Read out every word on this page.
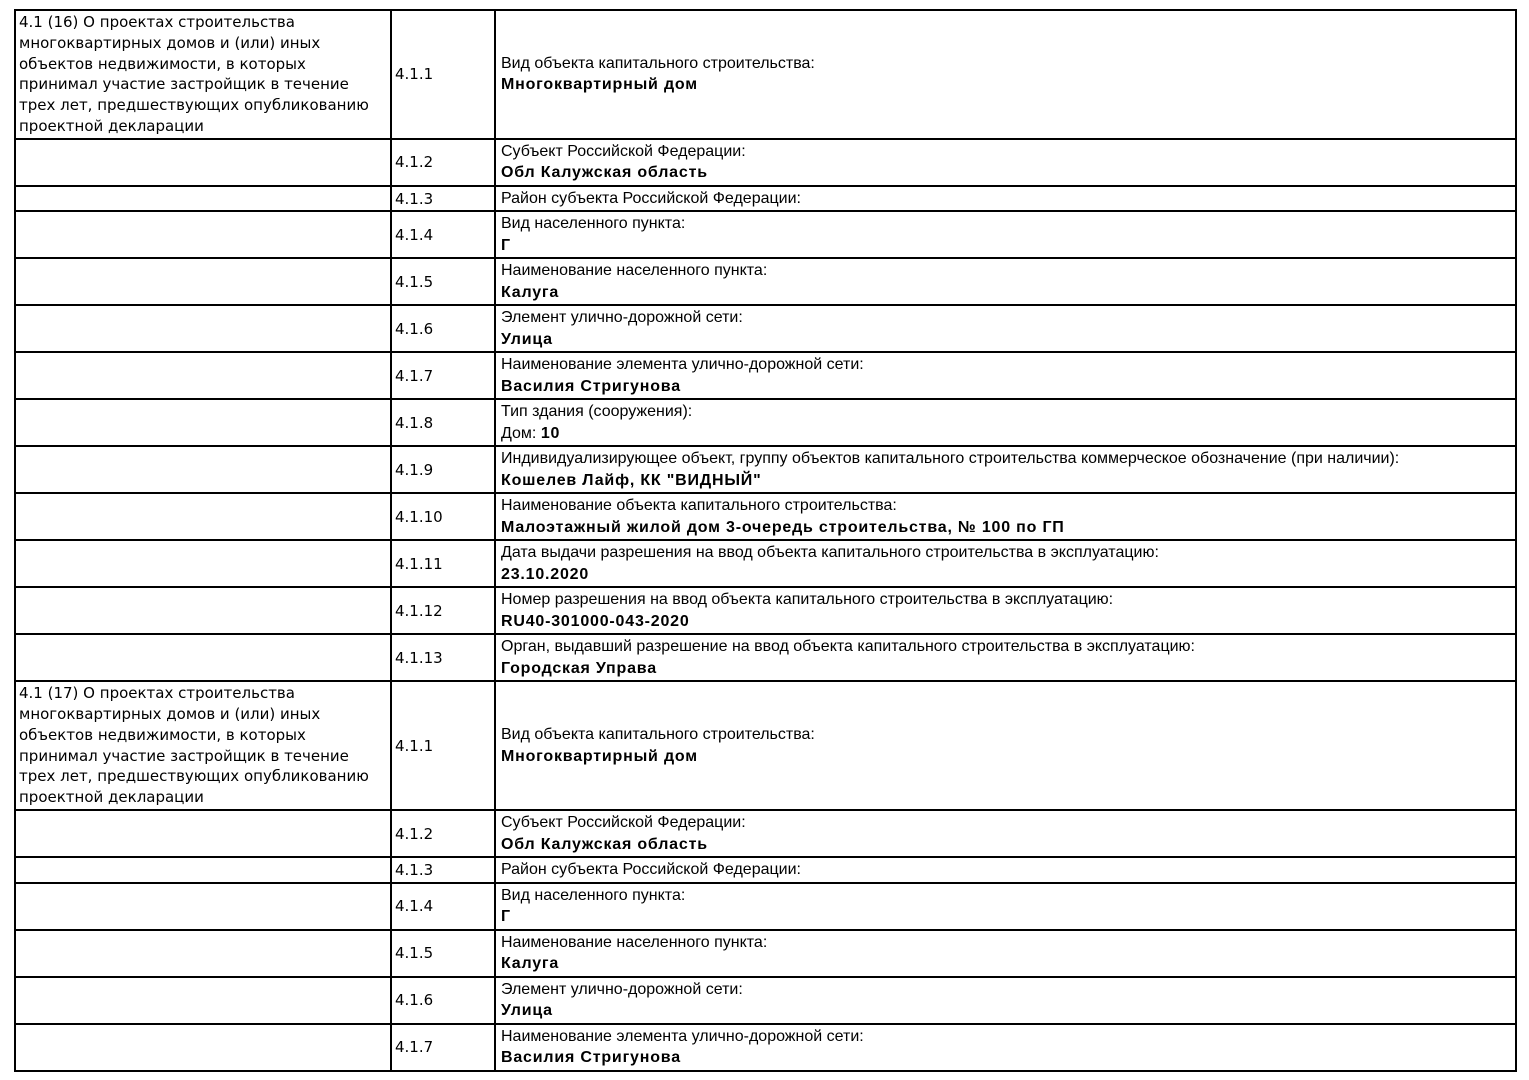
4.1 (16) О проектах строительства многоквартирных домов и (или) иных объектов недвижимости, в которых принимал участие застройщик в течение трех лет, предшествующих опубликованию проектной декларации	4.1.1	Вид объекта капитального строительства:
Многоквартирный дом

	4.1.2	Субъект Российской Федерации:
Обл Калужская область

	4.1.3	Район субъекта Российской Федерации:

	4.1.4	Вид населенного пункта:
Г

	4.1.5	Наименование населенного пункта:
Калуга

	4.1.6	Элемент улично-дорожной сети:
Улица

	4.1.7	Наименование элемента улично-дорожной сети:
Василия Стригунова

	4.1.8	Тип здания (сооружения):
Дом: 10

	4.1.9	Индивидуализирующее объект, группу объектов капитального строительства коммерческое обозначение (при наличии):
Кошелев Лайф, КК "ВИДНЫЙ"

	4.1.10	Наименование объекта капитального строительства:
Малоэтажный жилой дом 3-очередь строительства, № 100 по ГП

	4.1.11	Дата выдачи разрешения на ввод объекта капитального строительства в эксплуатацию:
23.10.2020

	4.1.12	Номер разрешения на ввод объекта капитального строительства в эксплуатацию:
RU40-301000-043-2020

	4.1.13	Орган, выдавший разрешение на ввод объекта капитального строительства в эксплуатацию:
Городская Управа

4.1 (17) О проектах строительства многоквартирных домов и (или) иных объектов недвижимости, в которых принимал участие застройщик в течение трех лет, предшествующих опубликованию проектной декларации	4.1.1	Вид объекта капитального строительства:
Многоквартирный дом

	4.1.2	Субъект Российской Федерации:
Обл Калужская область

	4.1.3	Район субъекта Российской Федерации:

	4.1.4	Вид населенного пункта:
Г

	4.1.5	Наименование населенного пункта:
Калуга

	4.1.6	Элемент улично-дорожной сети:
Улица

	4.1.7	Наименование элемента улично-дорожной сети:
Василия Стригунова
